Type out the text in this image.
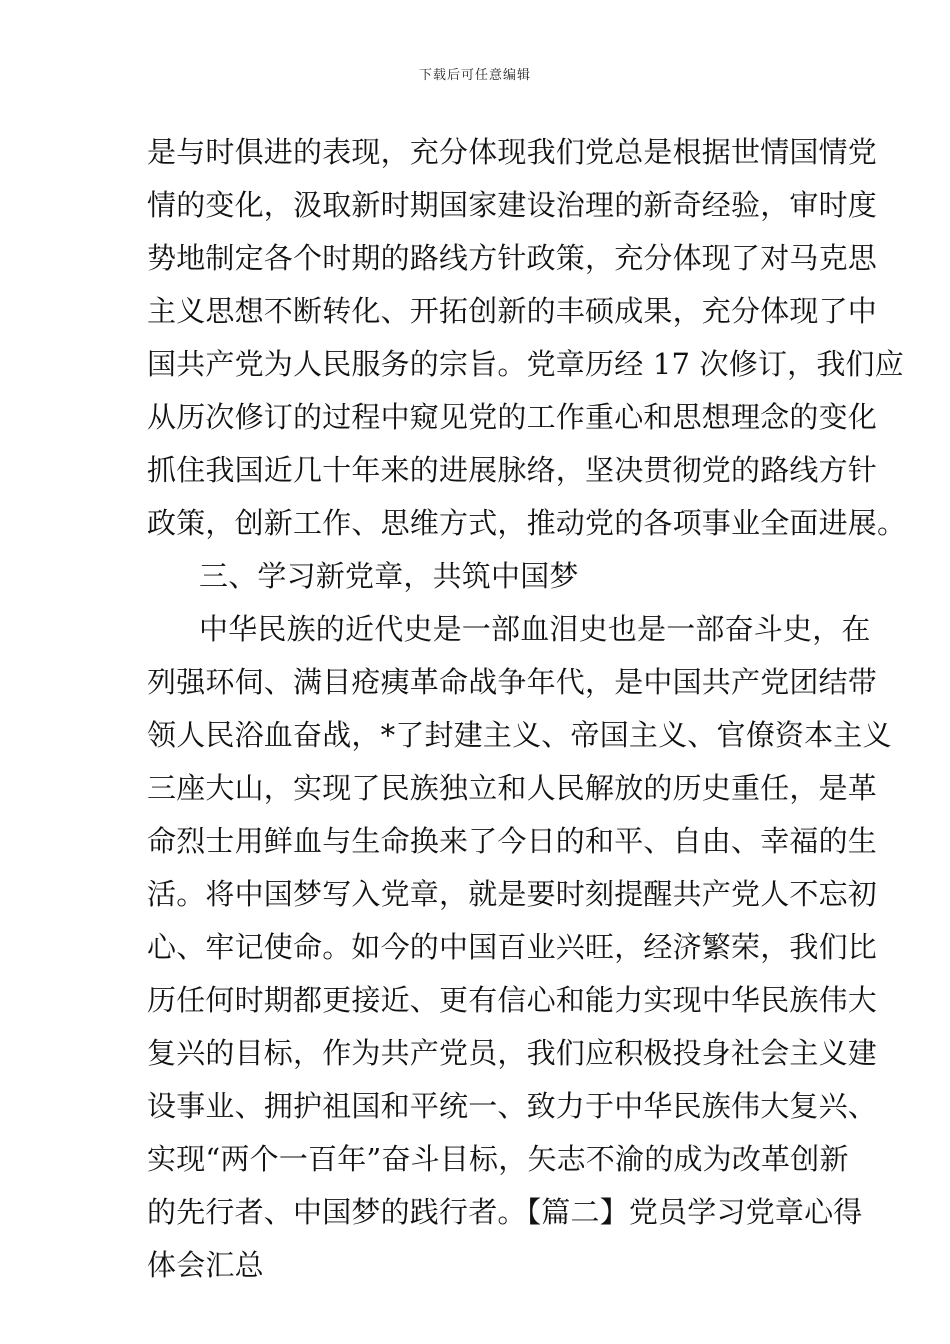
下载后可任意编辑
是与时俱进的表现，充分体现我们党总是根据世情国情党
情的变化，汲取新时期国家建设治理的新奇经验，审时度
势地制定各个时期的路线方针政策，充分体现了对马克思
主义思想不断转化、开拓创新的丰硕成果，充分体现了中
国共产党为人民服务的宗旨。党章历经 17 次修订，我们应
从历次修订的过程中窥见党的工作重心和思想理念的变化
抓住我国近几十年来的进展脉络，坚决贯彻党的路线方针
政策，创新工作、思维方式，推动党的各项事业全面进展。
三、学习新党章，共筑中国梦
中华民族的近代史是一部血泪史也是一部奋斗史，在
列强环伺、满目疮痍革命战争年代，是中国共产党团结带
领人民浴血奋战，*了封建主义、帝国主义、官僚资本主义
三座大山，实现了民族独立和人民解放的历史重任，是革
命烈士用鲜血与生命换来了今日的和平、自由、幸福的生
活。将中国梦写入党章，就是要时刻提醒共产党人不忘初
心、牢记使命。如今的中国百业兴旺，经济繁荣，我们比
历任何时期都更接近、更有信心和能力实现中华民族伟大
复兴的目标，作为共产党员，我们应积极投身社会主义建
设事业、拥护祖国和平统一、致力于中华民族伟大复兴、
实现“两个一百年”奋斗目标，矢志不渝的成为改革创新
的先行者、中国梦的践行者。【篇二】党员学习党章心得
体会汇总
